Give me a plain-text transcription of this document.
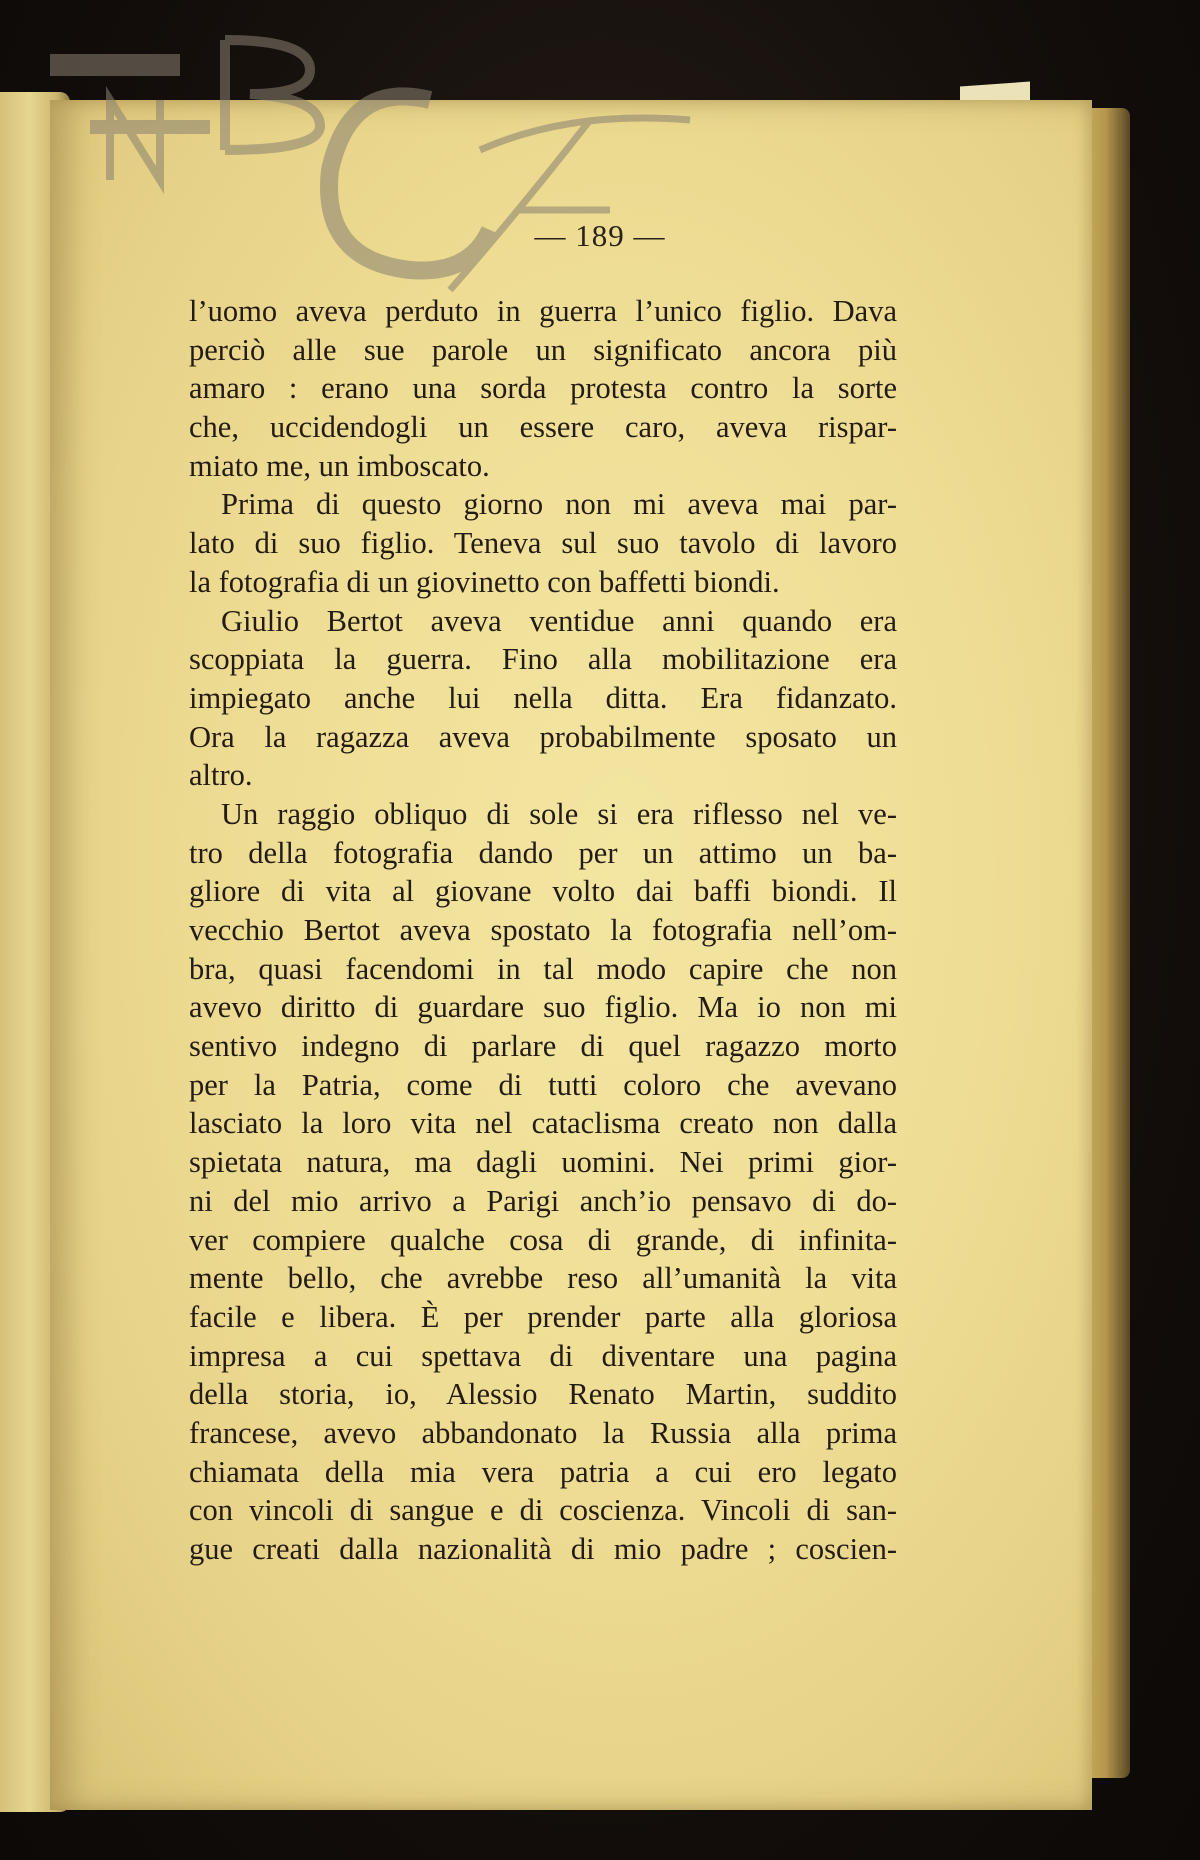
— 189 —
l’uomo aveva perduto in guerra l’unico figlio. Dava
perciò alle sue parole un significato ancora più
amaro : erano una sorda protesta contro la sorte
che, uccidendogli un essere caro, aveva rispar-
miato me, un imboscato.
Prima di questo giorno non mi aveva mai par-
lato di suo figlio. Teneva sul suo tavolo di lavoro
la fotografia di un giovinetto con baffetti biondi.
Giulio Bertot aveva ventidue anni quando era
scoppiata la guerra. Fino alla mobilitazione era
impiegato anche lui nella ditta. Era fidanzato.
Ora la ragazza aveva probabilmente sposato un
altro.
Un raggio obliquo di sole si era riflesso nel ve-
tro della fotografia dando per un attimo un ba-
gliore di vita al giovane volto dai baffi biondi. Il
vecchio Bertot aveva spostato la fotografia nell’om-
bra, quasi facendomi in tal modo capire che non
avevo diritto di guardare suo figlio. Ma io non mi
sentivo indegno di parlare di quel ragazzo morto
per la Patria, come di tutti coloro che avevano
lasciato la loro vita nel cataclisma creato non dalla
spietata natura, ma dagli uomini. Nei primi gior-
ni del mio arrivo a Parigi anch’io pensavo di do-
ver compiere qualche cosa di grande, di infinita-
mente bello, che avrebbe reso all’umanità la vita
facile e libera. È per prender parte alla gloriosa
impresa a cui spettava di diventare una pagina
della storia, io, Alessio Renato Martin, suddito
francese, avevo abbandonato la Russia alla prima
chiamata della mia vera patria a cui ero legato
con vincoli di sangue e di coscienza. Vincoli di san-
gue creati dalla nazionalità di mio padre ; coscien-
